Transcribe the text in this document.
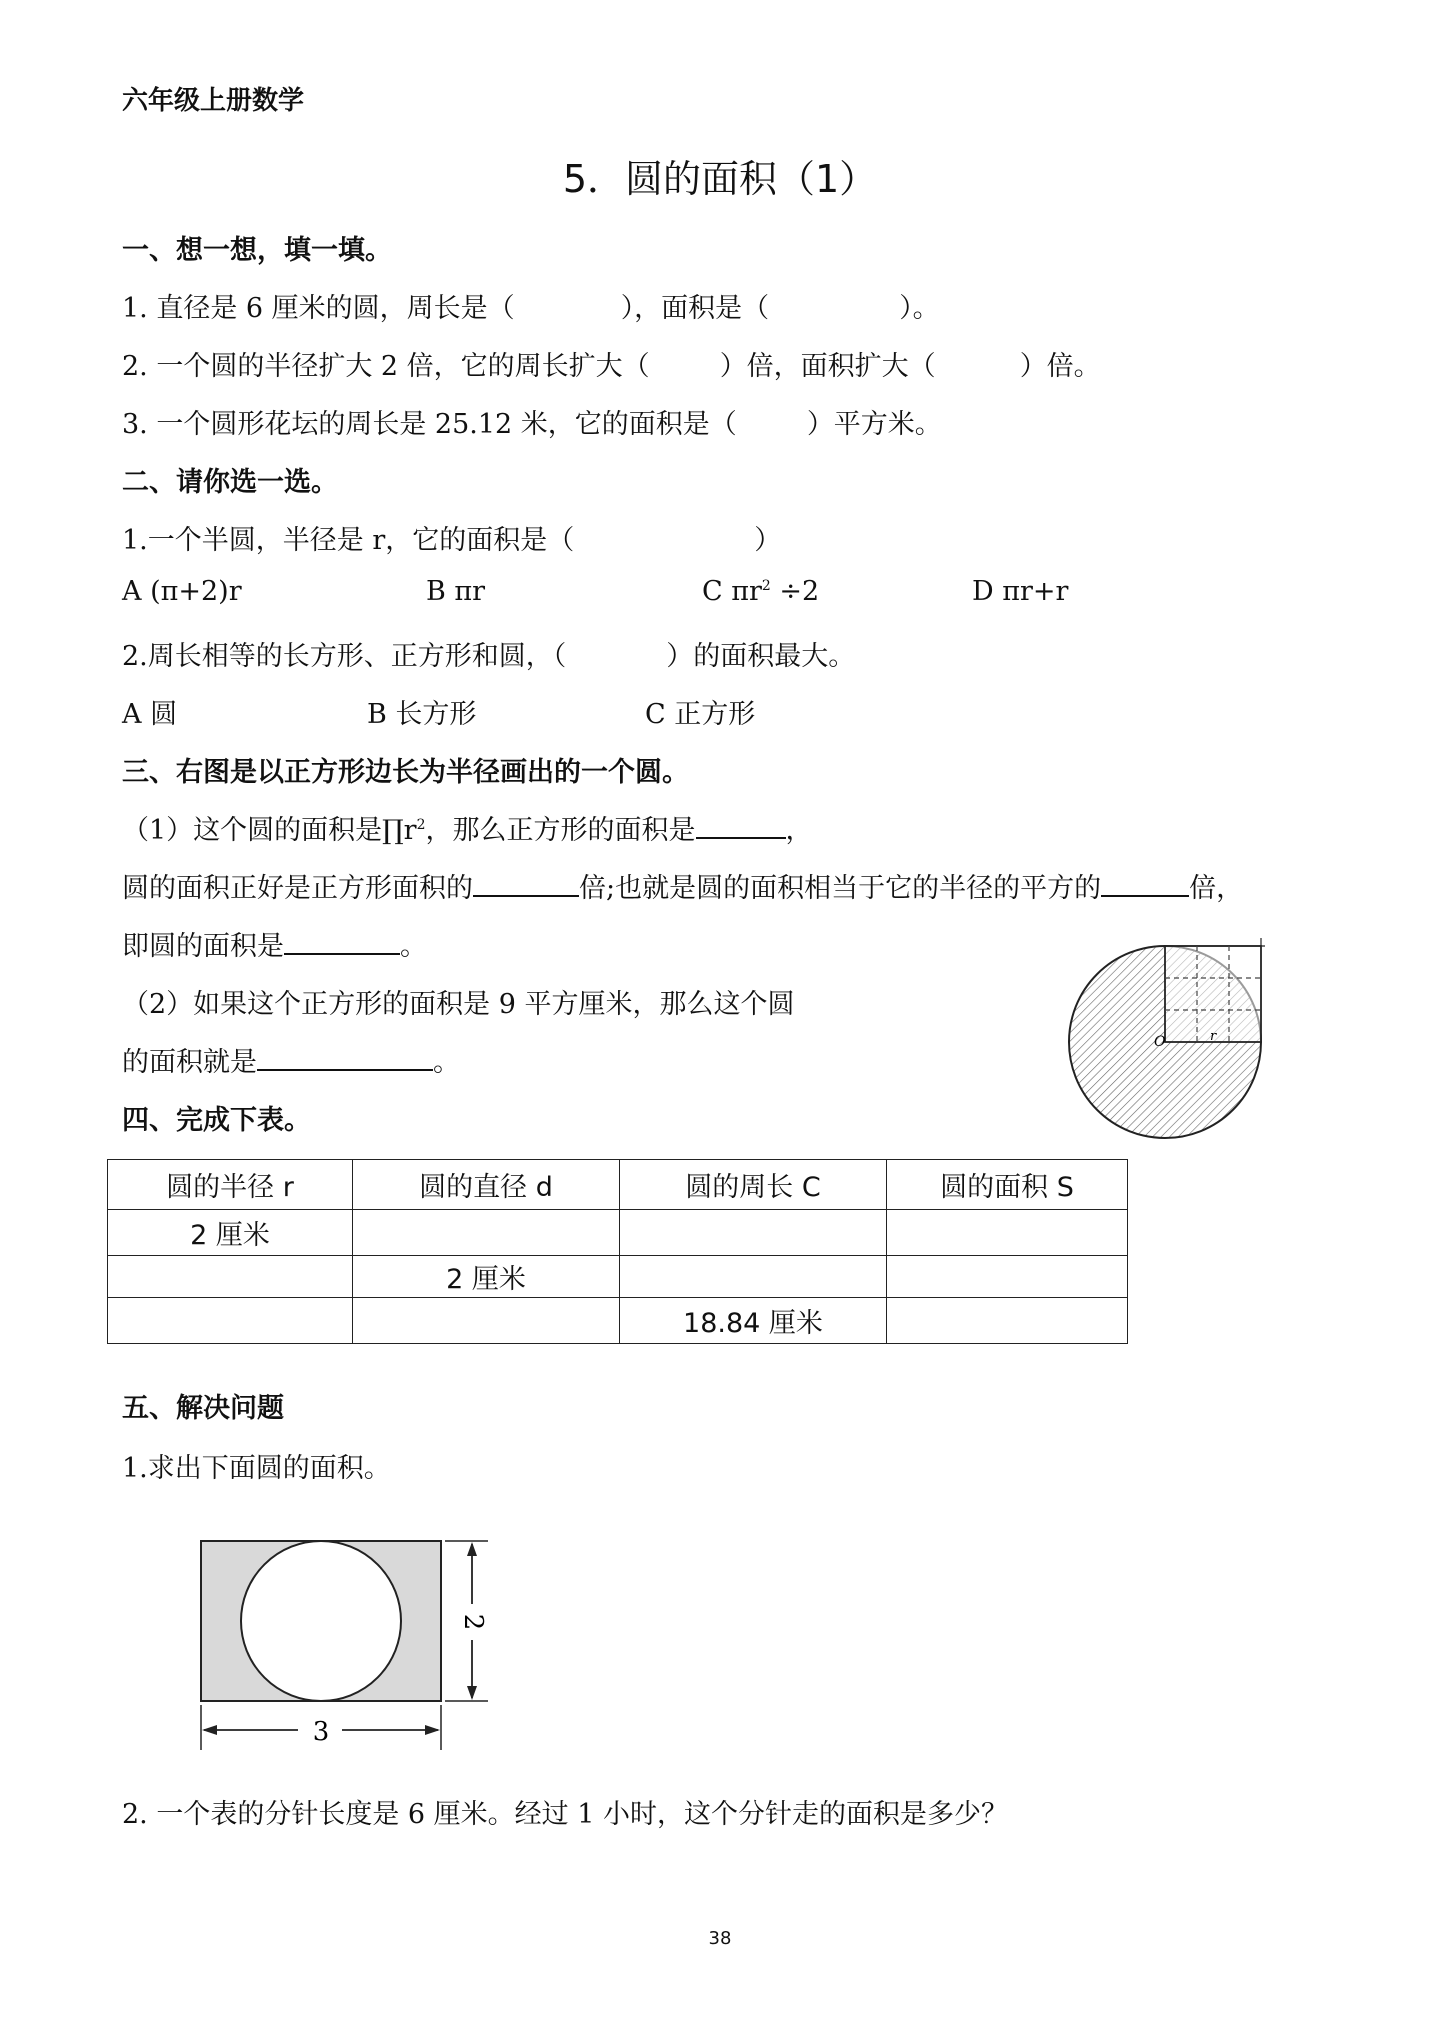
六年级上册数学
5．圆的面积（1）
一、想一想，填一填。
1. 直径是 6 厘米的圆，周长是（	），面积是（	）。
2. 一个圆的半径扩大 2 倍，它的周长扩大（	）倍，面积扩大（	）倍。
3. 一个圆形花坛的周长是 25.12 米，它的面积是（	）平方米。
二、请你选一选。
1.一个半圆，半径是 r，它的面积是（	）
A (π+2)r	B πr	C $\pi r^2 \div 2$	D πr+r
2.周长相等的长方形、正方形和圆，（	）的面积最大。
A 圆	B 长方形	C 正方形
三、右图是以正方形边长为半径画出的一个圆。
（1）这个圆的面积是$\prod r^2$，那么正方形的面积是	，
圆的面积正好是正方形面积的	倍;也就是圆的面积相当于它的半径的平方的	倍，
即圆的面积是	。
（2）如果这个正方形的面积是 9 平方厘米，那么这个圆
的面积就是	。
O	r
四、完成下表。
圆的半径 r	圆的直径 d	圆的周长 C	圆的面积 S
2 厘米			
	2 厘米		
		18.84 厘米	
五、解决问题
1.求出下面圆的面积。
2
3
2. 一个表的分针长度是 6 厘米。经过 1 小时，这个分针走的面积是多少？
38
